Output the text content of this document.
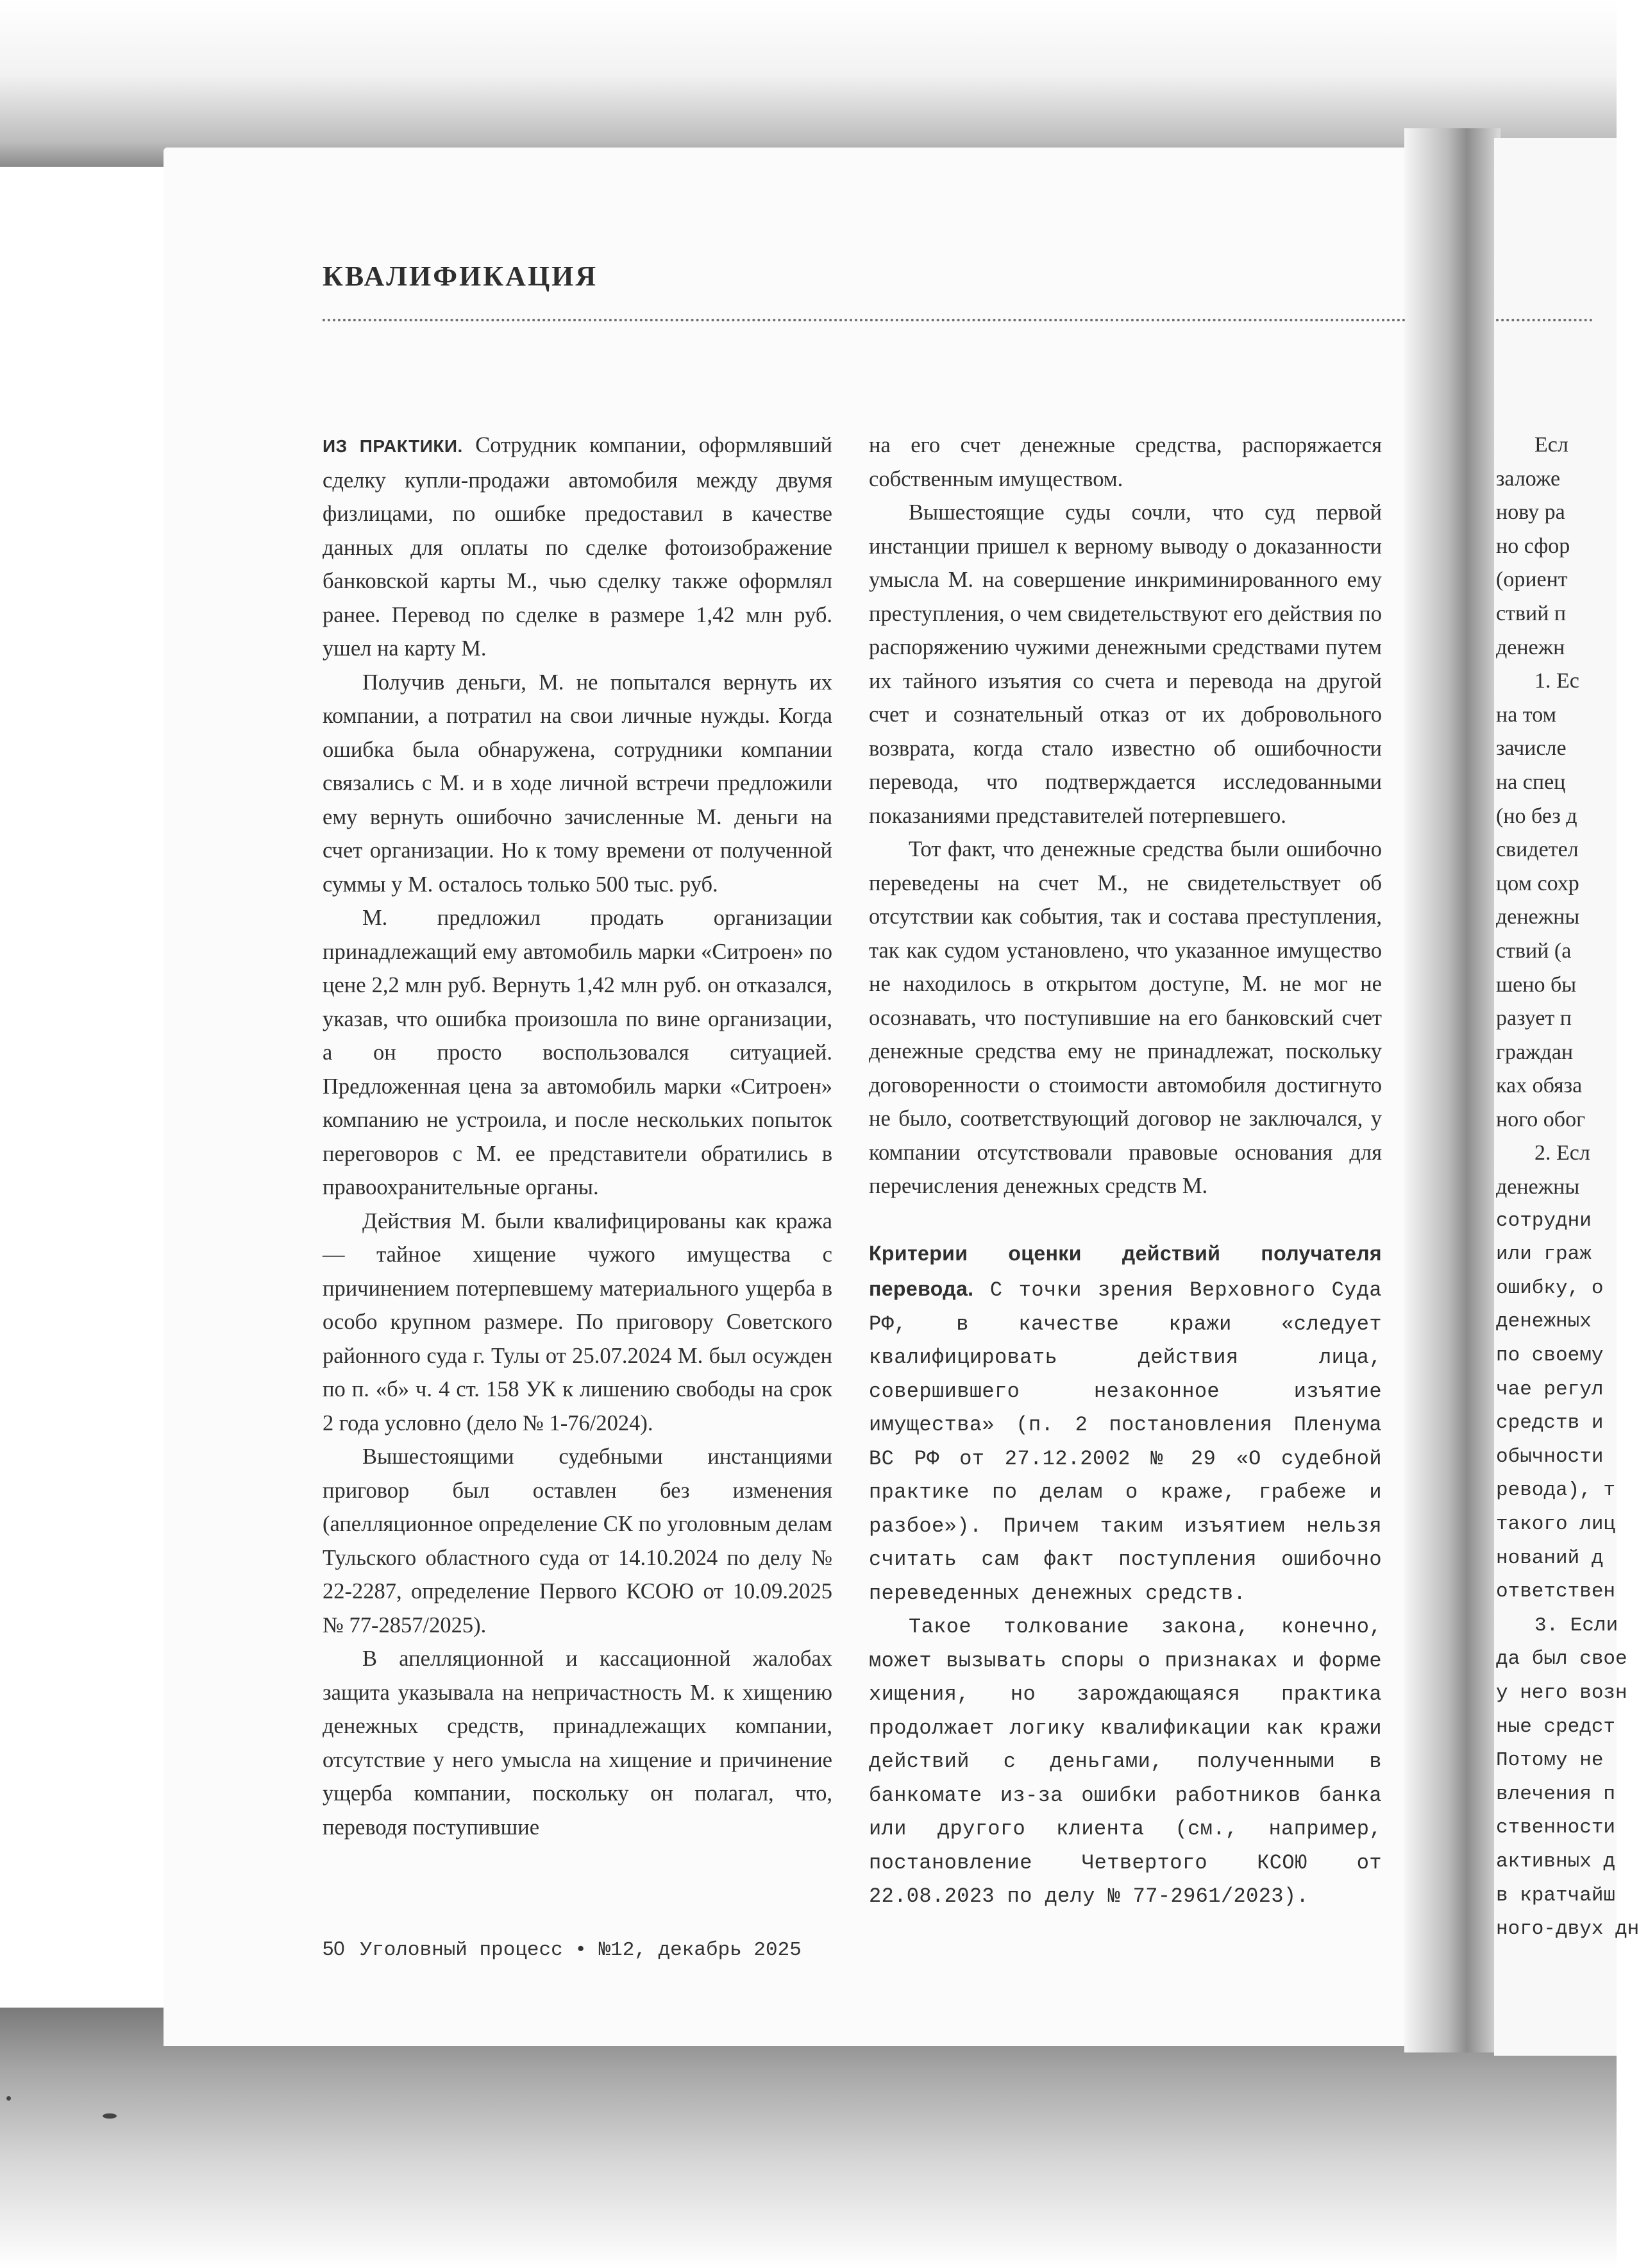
КВАЛИФИКАЦИЯ

ИЗ ПРАКТИКИ. Сотрудник компании, оформлявший сделку купли-продажи автомобиля между двумя физлицами, по ошибке предоставил в качестве данных для оплаты по сделке фотоизображение банковской карты М., чью сделку также оформлял ранее. Перевод по сделке в размере 1,42 млн руб. ушел на карту М.

Получив деньги, М. не попытался вернуть их компании, а потратил на свои личные нужды. Когда ошибка была обнаружена, сотрудники компании связались с М. и в ходе личной встречи предложили ему вернуть ошибочно зачисленные М. деньги на счет организации. Но к тому времени от полученной суммы у М. осталось только 500 тыс. руб.

М. предложил продать организации принадлежащий ему автомобиль марки «Ситроен» по цене 2,2 млн руб. Вернуть 1,42 млн руб. он отказался, указав, что ошибка произошла по вине организации, а он просто воспользовался ситуацией. Предложенная цена за автомобиль марки «Ситроен» компанию не устроила, и после нескольких попыток переговоров с М. ее представители обратились в правоохранительные органы.

Действия М. были квалифицированы как кража — тайное хищение чужого имущества с причинением потерпевшему материального ущерба в особо крупном размере. По приговору Советского районного суда г. Тулы от 25.07.2024 М. был осужден по п. «б» ч. 4 ст. 158 УК к лишению свободы на срок 2 года условно (дело № 1-76/2024).

Вышестоящими судебными инстанциями приговор был оставлен без изменения (апелляционное определение СК по уголовным делам Тульского областного суда от 14.10.2024 по делу № 22-2287, определение Первого КСОЮ от 10.09.2025 № 77-2857/2025).

В апелляционной и кассационной жалобах защита указывала на непричастность М. к хищению денежных средств, принадлежащих компании, отсутствие у него умысла на хищение и причинение ущерба компании, поскольку он полагал, что, переводя поступившие

на его счет денежные средства, распоряжается собственным имуществом.

Вышестоящие суды сочли, что суд первой инстанции пришел к верному выводу о доказанности умысла М. на совершение инкриминированного ему преступления, о чем свидетельствуют его действия по распоряжению чужими денежными средствами путем их тайного изъятия со счета и перевода на другой счет и сознательный отказ от их добровольного возврата, когда стало известно об ошибочности перевода, что подтверждается исследованными показаниями представителей потерпевшего.

Тот факт, что денежные средства были ошибочно переведены на счет М., не свидетельствует об отсутствии как события, так и состава преступления, так как судом установлено, что указанное имущество не находилось в открытом доступе, М. не мог не осознавать, что поступившие на его банковский счет денежные средства ему не принадлежат, поскольку договоренности о стоимости автомобиля достигнуто не было, соответствующий договор не заключался, у компании отсутствовали правовые основания для перечисления денежных средств М.

Критерии оценки действий получателя перевода. С точки зрения Верховного Суда РФ, в качестве кражи «следует квалифицировать действия лица, совершившего незаконное изъятие имущества» (п. 2 постановления Пленума ВС РФ от 27.12.2002 № 29 «О судебной практике по делам о краже, грабеже и разбое»). Причем таким изъятием нельзя считать сам факт поступления ошибочно переведенных денежных средств.

Такое толкование закона, конечно, может вызывать споры о признаках и форме хищения, но зарождающаяся практика продолжает логику квалификации как кражи действий с деньгами, полученными в банкомате из-за ошибки работников банка или другого клиента (см., например, постановление Четвертого КСОЮ от 22.08.2023 по делу № 77-2961/2023).

50 Уголовный процесс • №12, декабрь 2025
Есл
заложе
нову ра
но сфор
(ориент
ствий п
денежн
1. Ес
на том
зачисле
на спец
(но без д
свидетел
цом сохр
денежны
ствий (а
шено бы
разует п
граждан
ках обяза
ного обог
2. Есл
денежны
сотрудни
или граж
ошибку, о
денежных
по своему
чае регул
средств и
обычности
ревода), т
такого лиц
нований д
ответствен
3. Если
да был свое
у него возн
ные средст
Потому не
влечения п
ственности
активных д
в кратчайш
ного-двух дн
